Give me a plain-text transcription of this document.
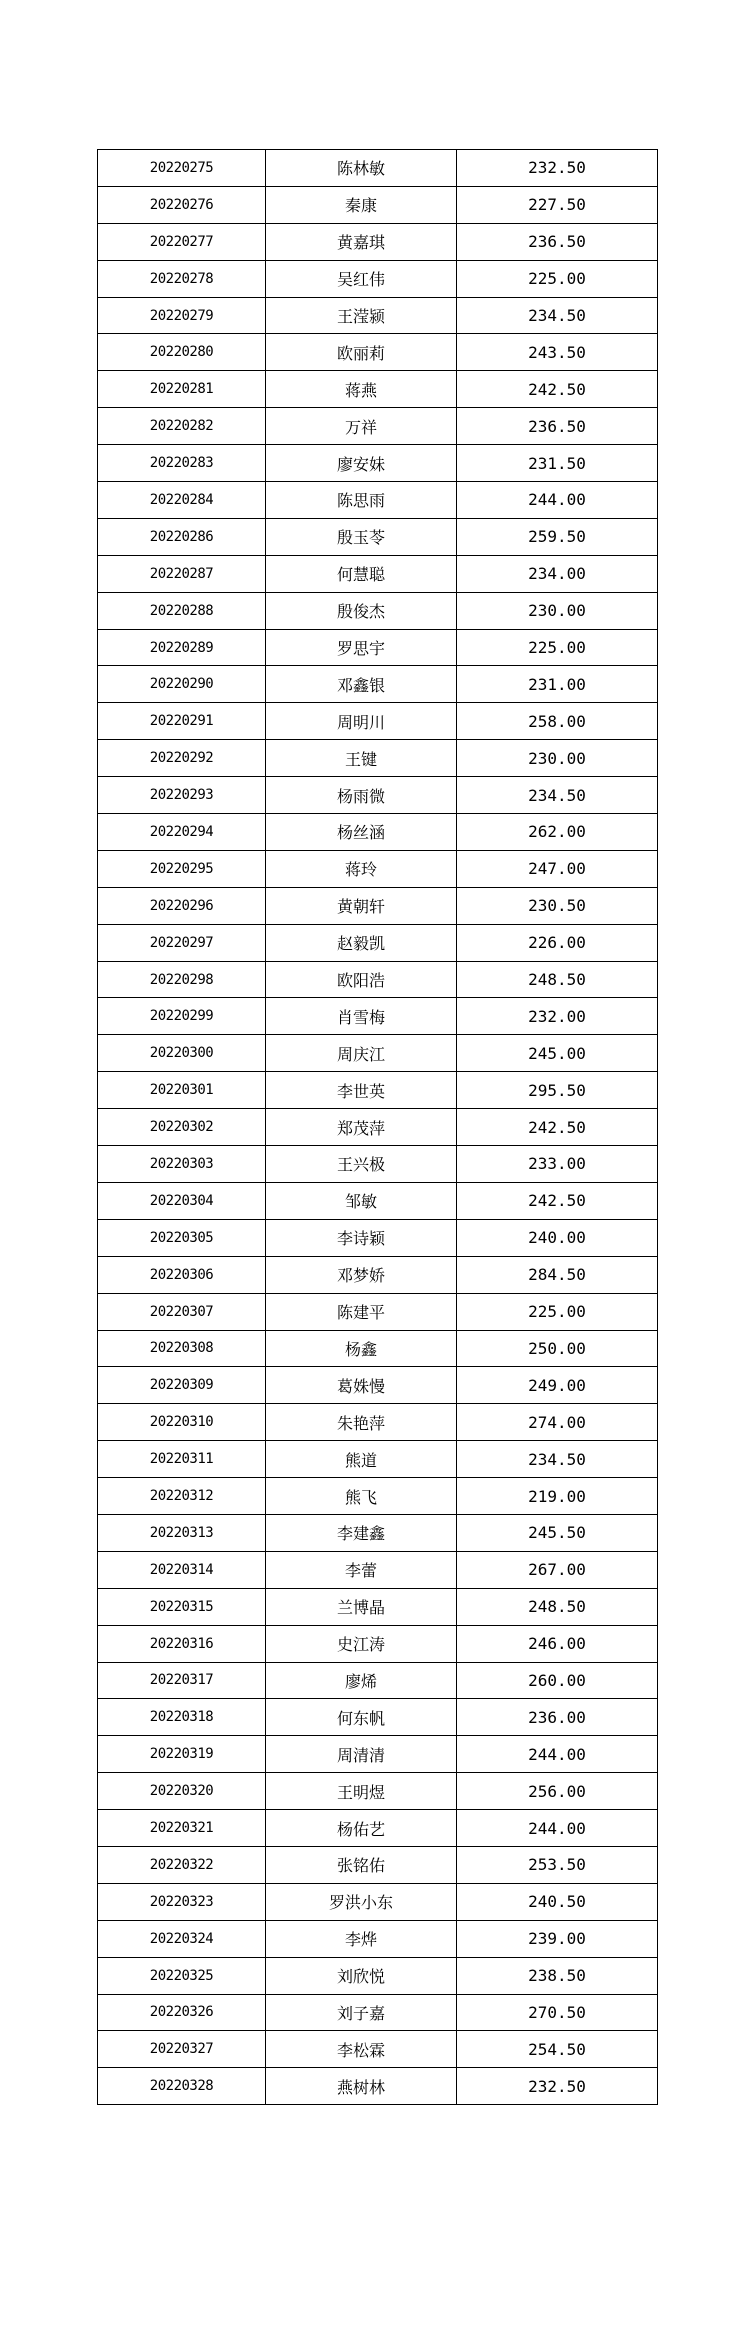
20220275	陈林敏	232.50
20220276	秦康	227.50
20220277	黄嘉琪	236.50
20220278	吴红伟	225.00
20220279	王滢颍	234.50
20220280	欧丽莉	243.50
20220281	蒋燕	242.50
20220282	万祥	236.50
20220283	廖安妹	231.50
20220284	陈思雨	244.00
20220286	殷玉苓	259.50
20220287	何慧聪	234.00
20220288	殷俊杰	230.00
20220289	罗思宇	225.00
20220290	邓鑫银	231.00
20220291	周明川	258.00
20220292	王键	230.00
20220293	杨雨微	234.50
20220294	杨丝涵	262.00
20220295	蒋玲	247.00
20220296	黄朝轩	230.50
20220297	赵毅凯	226.00
20220298	欧阳浩	248.50
20220299	肖雪梅	232.00
20220300	周庆江	245.00
20220301	李世英	295.50
20220302	郑茂萍	242.50
20220303	王兴极	233.00
20220304	邹敏	242.50
20220305	李诗颖	240.00
20220306	邓梦娇	284.50
20220307	陈建平	225.00
20220308	杨鑫	250.00
20220309	葛姝慢	249.00
20220310	朱艳萍	274.00
20220311	熊道	234.50
20220312	熊飞	219.00
20220313	李建鑫	245.50
20220314	李蕾	267.00
20220315	兰博晶	248.50
20220316	史江涛	246.00
20220317	廖烯	260.00
20220318	何东帆	236.00
20220319	周清清	244.00
20220320	王明煜	256.00
20220321	杨佑艺	244.00
20220322	张铭佑	253.50
20220323	罗洪小东	240.50
20220324	李烨	239.00
20220325	刘欣悦	238.50
20220326	刘子嘉	270.50
20220327	李松霖	254.50
20220328	燕树林	232.50
